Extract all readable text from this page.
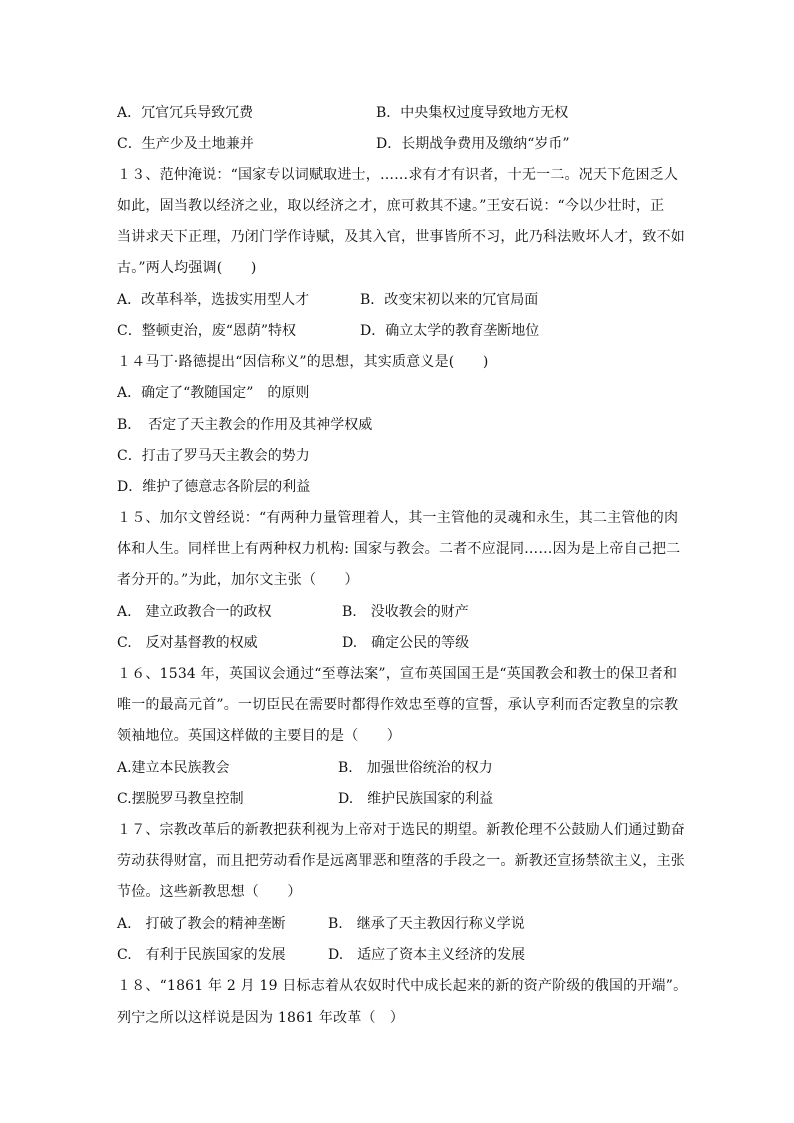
A．冗官冗兵导致冗费	B．中央集权过度导致地方无权
C．生产少及土地兼并	D．长期战争费用及缴纳“岁币”
１３、范仲淹说：“国家专以词赋取进士，……求有才有识者，十无一二。况天下危困乏人
如此，固当教以经济之业，取以经济之才，庶可救其不逮。”王安石说：“今以少壮时，正
当讲求天下正理，乃闭门学作诗赋，及其入官，世事皆所不习，此乃科法败坏人才，致不如
古。”两人均强调(　　)
A．改革科举，选拔实用型人才	B．改变宋初以来的冗官局面
C．整顿吏治，废“恩荫”特权	D．确立太学的教育垄断地位
１４马丁·路德提出“因信称义”的思想，其实质意义是(　　)
A．确定了“教随国定”　的原则
B．　否定了天主教会的作用及其神学权威
C．打击了罗马天主教会的势力
D．维护了德意志各阶层的利益
１５、加尔文曾经说：“有两种力量管理着人，其一主管他的灵魂和永生，其二主管他的肉
体和人生。同样世上有两种权力机构: 国家与教会。二者不应混同……因为是上帝自己把二
者分开的。”为此，加尔文主张（　　）
A.　建立政教合一的政权	B.　没收教会的财产
C.　反对基督教的权威	D.　确定公民的等级
１６、1534 年，英国议会通过“至尊法案”，宣布英国国王是“英国教会和教士的保卫者和
唯一的最高元首”。一切臣民在需要时都得作效忠至尊的宣誓，承认亨利而否定教皇的宗教
领袖地位。英国这样做的主要目的是（　　）
A.建立本民族教会	B.　加强世俗统治的权力
C.摆脱罗马教皇控制	D.　维护民族国家的利益
１７、宗教改革后的新教把获利视为上帝对于选民的期望。新教伦理不公鼓励人们通过勤奋
劳动获得财富，而且把劳动看作是远离罪恶和堕落的手段之一。新教还宣扬禁欲主义，主张
节俭。这些新教思想（　　）
A.　打破了教会的精神垄断	B.　继承了天主教因行称义学说
C.　有利于民族国家的发展	D.　适应了资本主义经济的发展
１８、“1861 年 2 月 19 日标志着从农奴时代中成长起来的新的资产阶级的俄国的开端”。
列宁之所以这样说是因为 1861 年改革（　）
